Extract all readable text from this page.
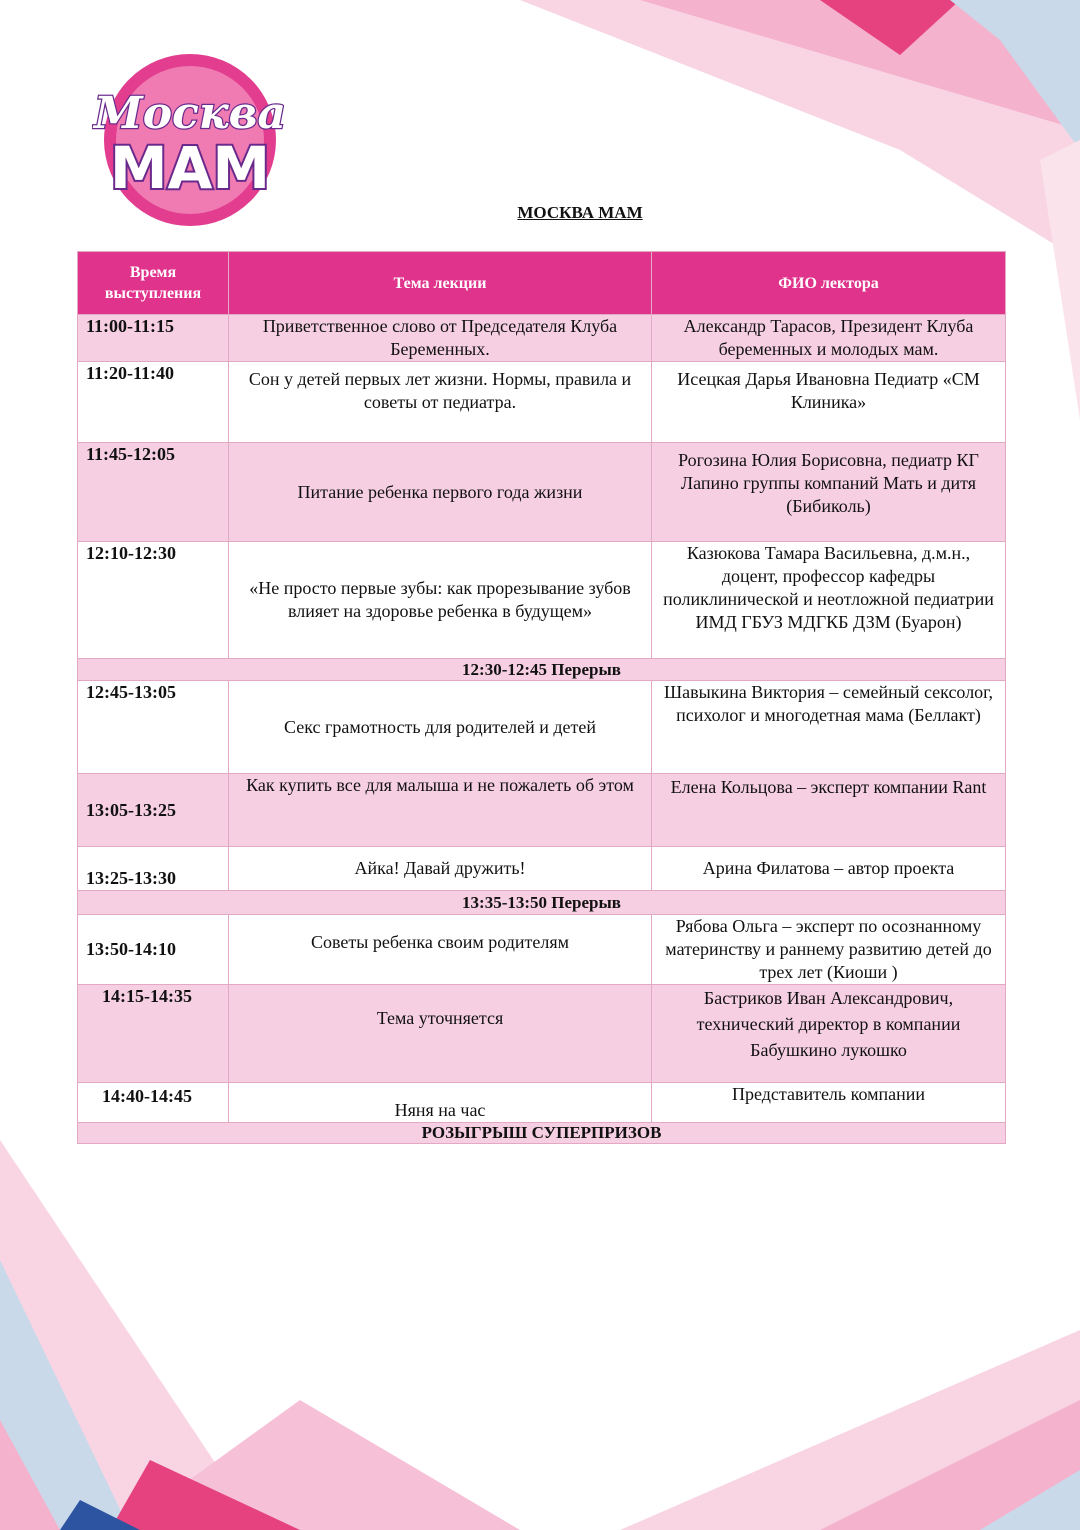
Москва
МАМ
МОСКВА МАМ
Время выступления	Тема лекции	ФИО лектора
11:00-11:15	Приветственное слово от Председателя Клуба Беременных.	Александр Тарасов, Президент Клуба беременных и молодых мам.
11:20-11:40	Сон у детей первых лет жизни. Нормы, правила и советы от педиатра.	Исецкая Дарья Ивановна Педиатр «СМ Клиника»
11:45-12:05	Питание ребенка первого года жизни	Рогозина Юлия Борисовна, педиатр КГ Лапино группы компаний Мать и дитя (Бибиколь)
12:10-12:30	«Не просто первые зубы: как прорезывание зубов влияет на здоровье ребенка в будущем»	Казюкова Тамара Васильевна, д.м.н., доцент, профессор кафедры поликлинической и неотложной педиатрии ИМД ГБУЗ МДГКБ ДЗМ (Буарон)
12:30-12:45 Перерыв		
12:45-13:05	Секс грамотность для родителей и детей	Шавыкина Виктория – семейный сексолог, психолог и многодетная мама (Беллакт)
13:05-13:25	Как купить все для малыша и не пожалеть об этом	Елена Кольцова – эксперт компании Rant
13:25-13:30	Айка! Давай дружить!	Арина Филатова – автор проекта
13:35-13:50 Перерыв		
13:50-14:10	Советы ребенка своим родителям	Рябова Ольга – эксперт по осознанному материнству и раннему развитию детей до трех лет (Киоши )
14:15-14:35	Тема уточняется	Бастриков Иван Александрович, технический директор в компании Бабушкино лукошко
14:40-14:45	Няня на час	Представитель компании
РОЗЫГРЫШ СУПЕРПРИЗОВ		
